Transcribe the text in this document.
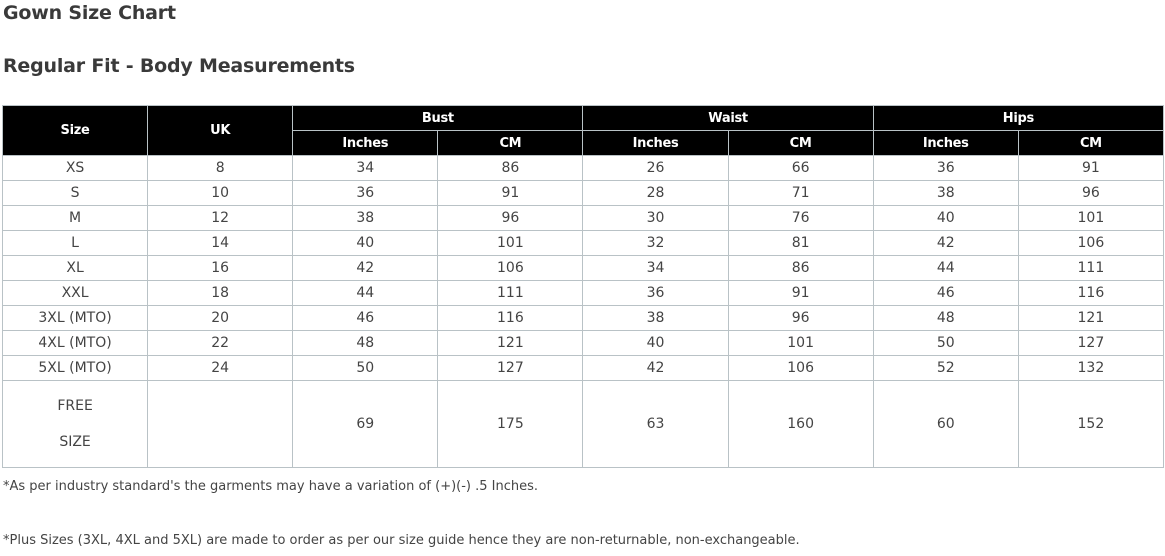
Gown Size Chart
Regular Fit - Body Measurements
Size	UK	Bust		Waist		Hips	
		Inches	CM	Inches	CM	Inches	CM
XS	8	34	86	26	66	36	91
S	10	36	91	28	71	38	96
M	12	38	96	30	76	40	101
L	14	40	101	32	81	42	106
XL	16	42	106	34	86	44	111
XXL	18	44	111	36	91	46	116
3XL (MTO)	20	46	116	38	96	48	121
4XL (MTO)	22	48	121	40	101	50	127
5XL (MTO)	24	50	127	42	106	52	132

FREE
SIZE		69	175	63	160	60	152
*As per industry standard's the garments may have a variation of (+)(-) .5 Inches.
*Plus Sizes (3XL, 4XL and 5XL) are made to order as per our size guide hence they are non-returnable, non-exchangeable.
